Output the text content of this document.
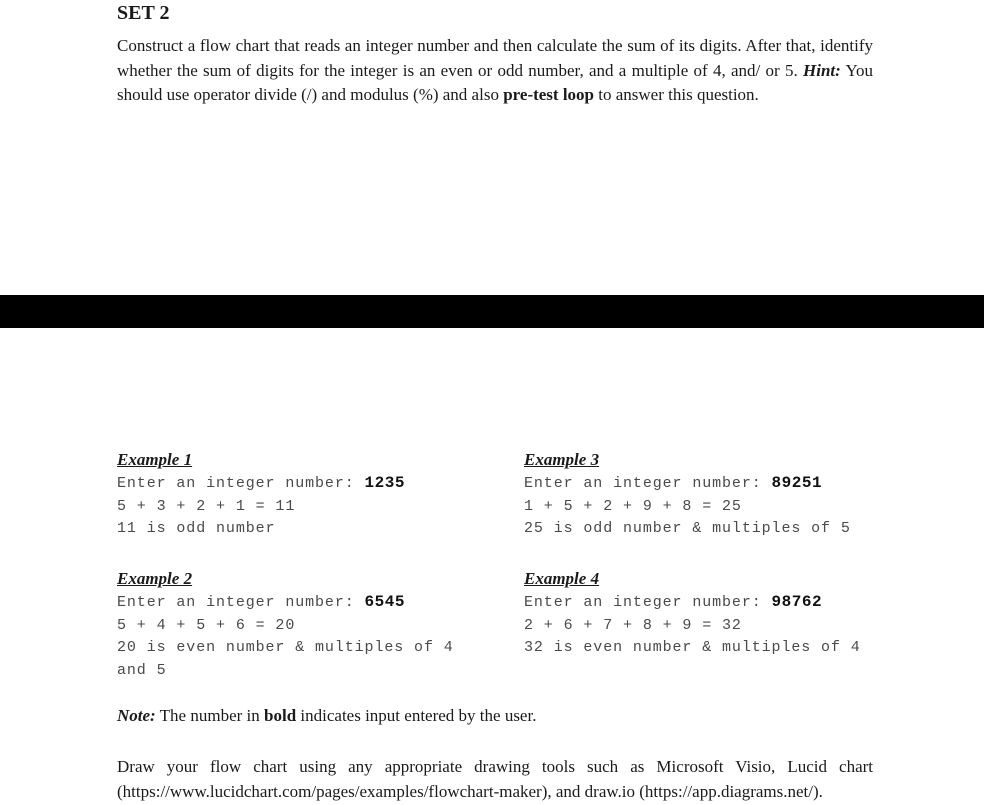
SET 2
Construct a flow chart that reads an integer number and then calculate the sum of its digits. After that, identify whether the sum of digits for the integer is an even or odd number, and a multiple of 4, and/ or 5. Hint: You should use operator divide (/) and modulus (%) and also pre-test loop to answer this question.
Example 1
Enter an integer number: 1235
5 + 3 + 2 + 1 = 11
11 is odd number
Example 3
Enter an integer number: 89251
1 + 5 + 2 + 9 + 8 = 25
25 is odd number & multiples of 5
Example 2
Enter an integer number: 6545
5 + 4 + 5 + 6 = 20
20 is even number & multiples of 4 and 5
Example 4
Enter an integer number: 98762
2 + 6 + 7 + 8 + 9 = 32
32 is even number & multiples of 4
Note: The number in bold indicates input entered by the user.
Draw your flow chart using any appropriate drawing tools such as Microsoft Visio, Lucid chart (https://www.lucidchart.com/pages/examples/flowchart-maker), and draw.io (https://app.diagrams.net/).
